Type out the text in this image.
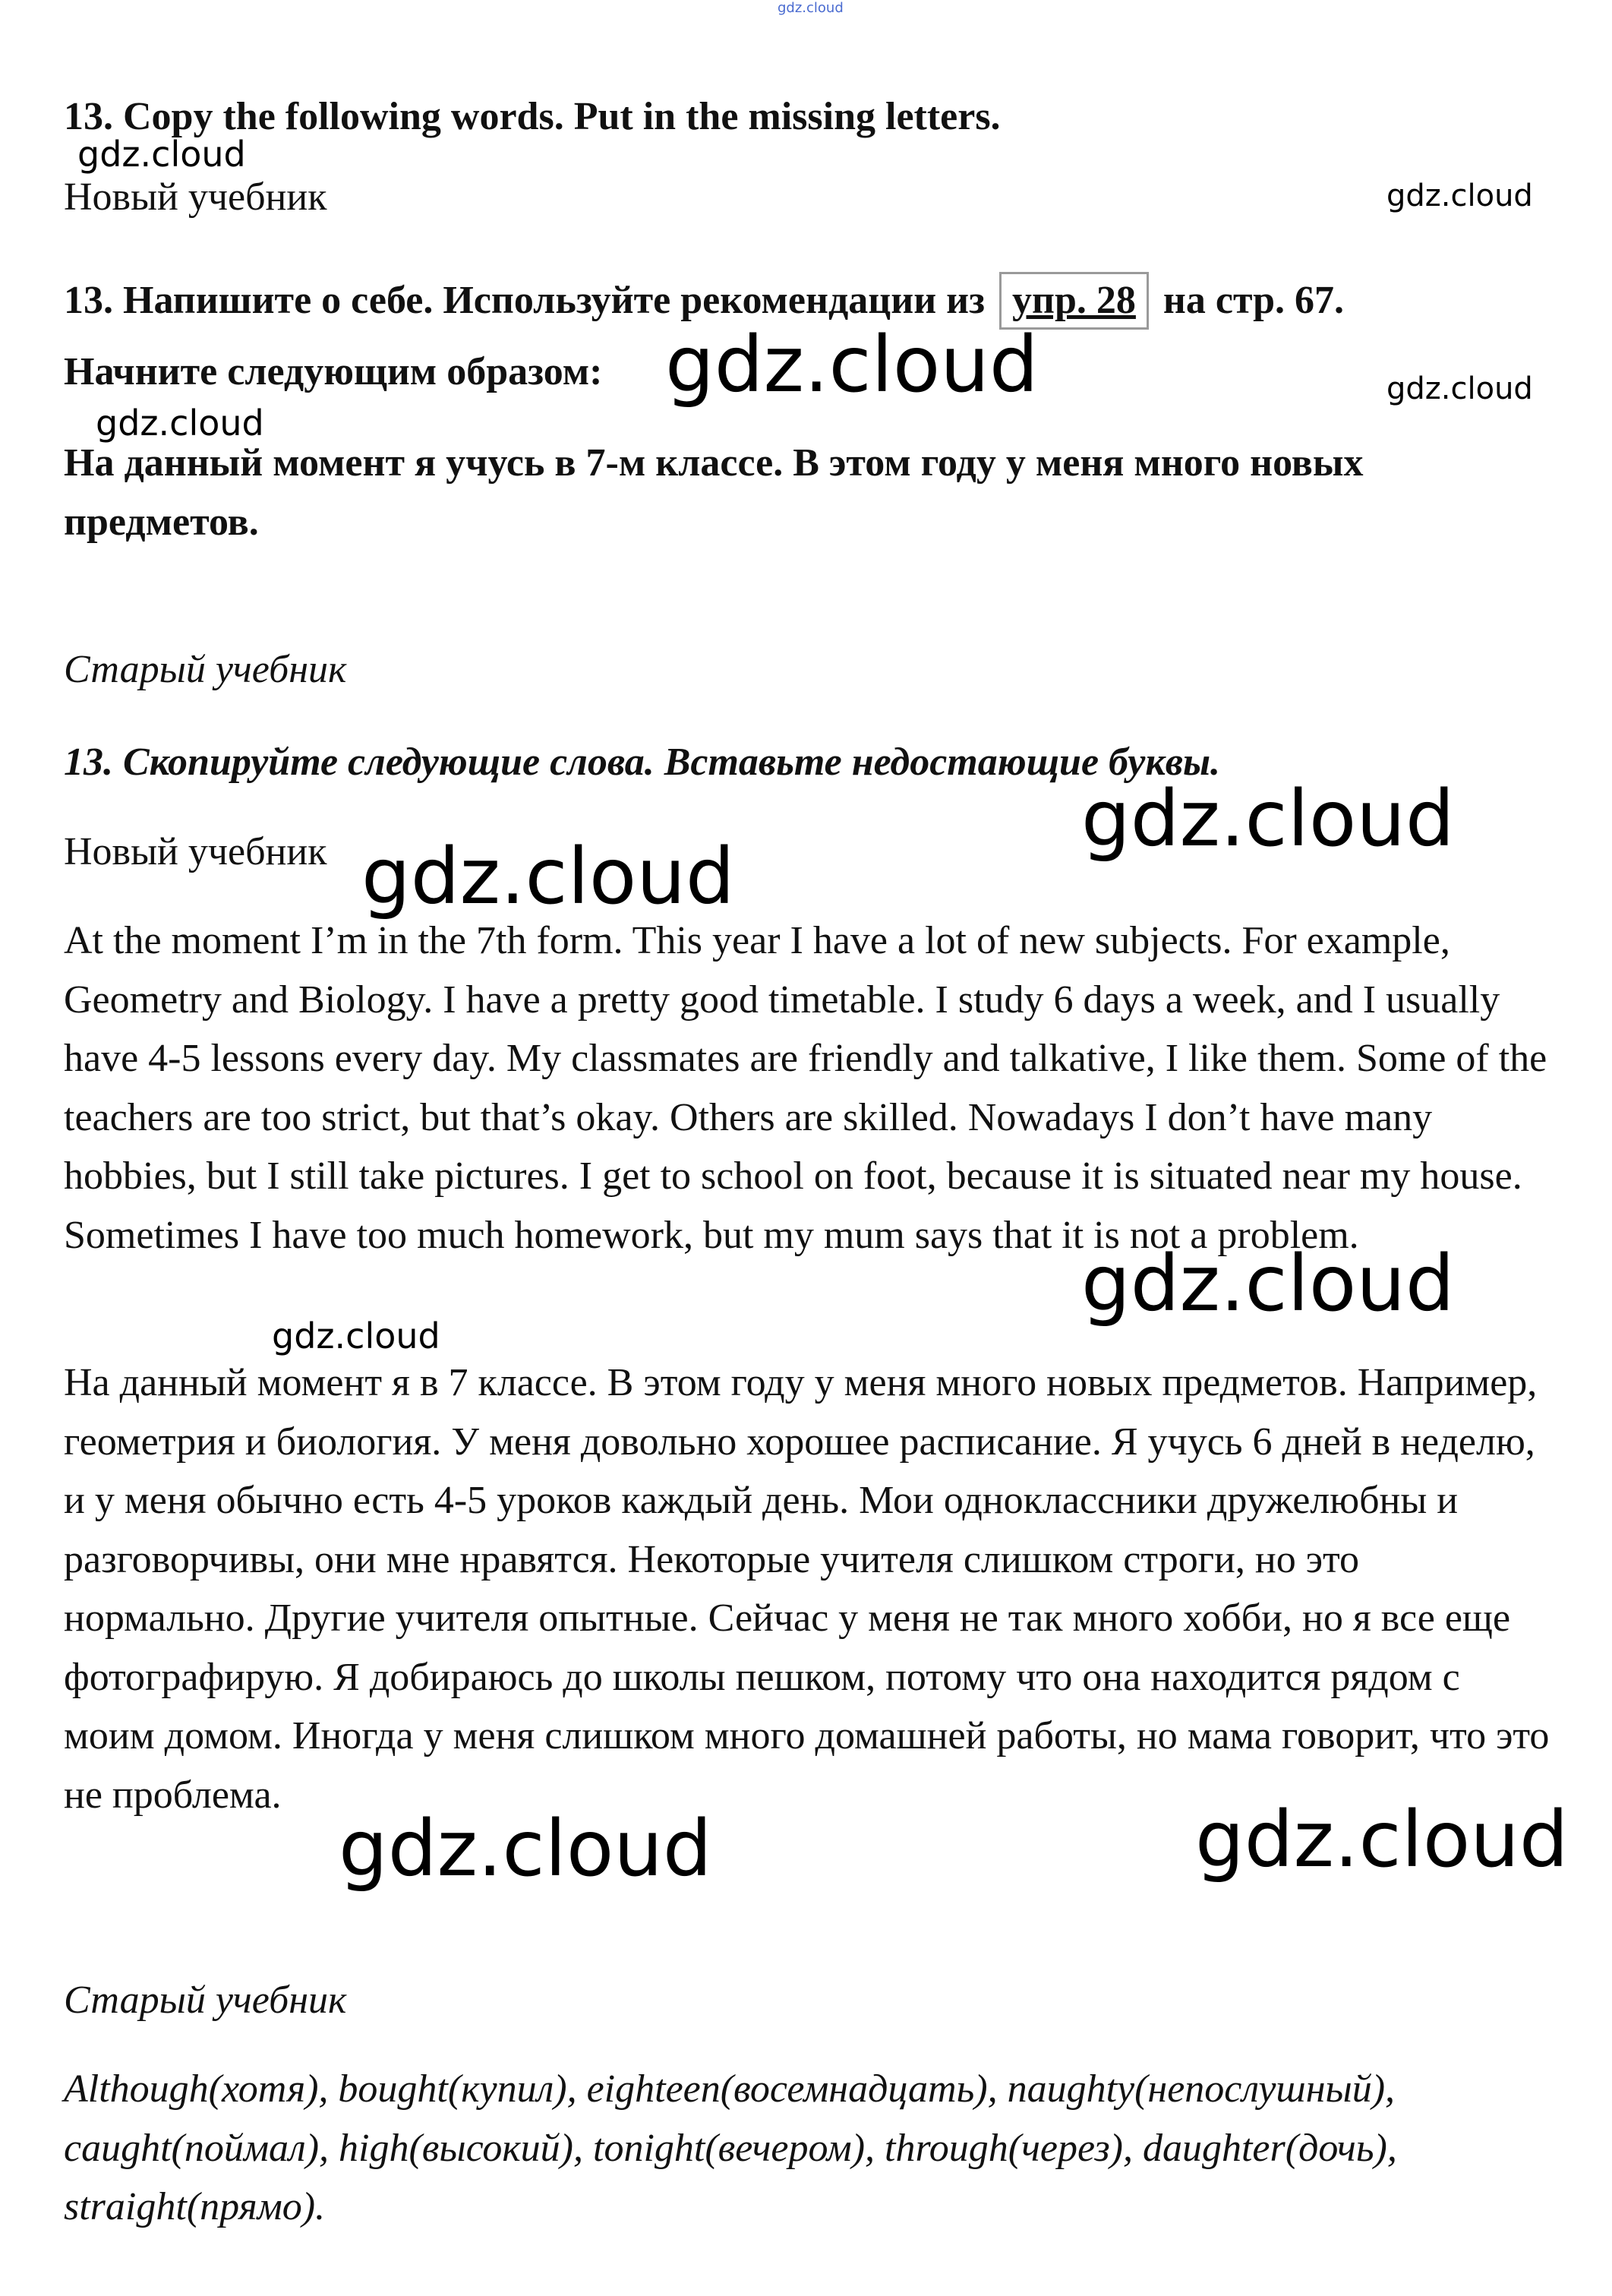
gdz.cloud

13. Copy the following words. Put in the missing letters.

gdz.cloud

Новый учебник	gdz.cloud

13. Напишите о себе. Используйте рекомендации из упр. 28 на стр. 67.

Начните следующим образом: gdz.cloud	gdz.cloud

gdz.cloud

На данный момент я учусь в 7-м классе. В этом году у меня много новых

предметов.

Старый учебник

13. Скопируйте следующие слова. Вставьте недостающие буквы.

gdz.cloud

Новый учебник gdz.cloud

At the moment I’m in the 7th form. This year I have a lot of new subjects. For example, Geometry and Biology. I have a pretty good timetable. I study 6 days a week, and I usually have 4-5 lessons every day. My classmates are friendly and talkative, I like them. Some of the teachers are too strict, but that’s okay. Others are skilled. Nowadays I don’t have many hobbies, but I still take pictures. I get to school on foot, because it is situated near my house. Sometimes I have too much homework, but my mum says that it is not a problem.

gdz.cloud

gdz.cloud

На данный момент я в 7 классе. В этом году у меня много новых предметов. Например, геометрия и биология. У меня довольно хорошее расписание. Я учусь 6 дней в неделю, и у меня обычно есть 4-5 уроков каждый день. Мои одноклассники дружелюбны и разговорчивы, они мне нравятся. Некоторые учителя слишком строги, но это нормально. Другие учителя опытные. Сейчас у меня не так много хобби, но я все еще фотографирую. Я добираюсь до школы пешком, потому что она находится рядом с моим домом. Иногда у меня слишком много домашней работы, но мама говорит, что это не проблема.

gdz.cloud	gdz.cloud

Старый учебник

Although(хотя), bought(купил), eighteen(восемнадцать), naughty(непослушный), caught(поймал), high(высокий), tonight(вечером), through(через), daughter(дочь), straight(прямо).
